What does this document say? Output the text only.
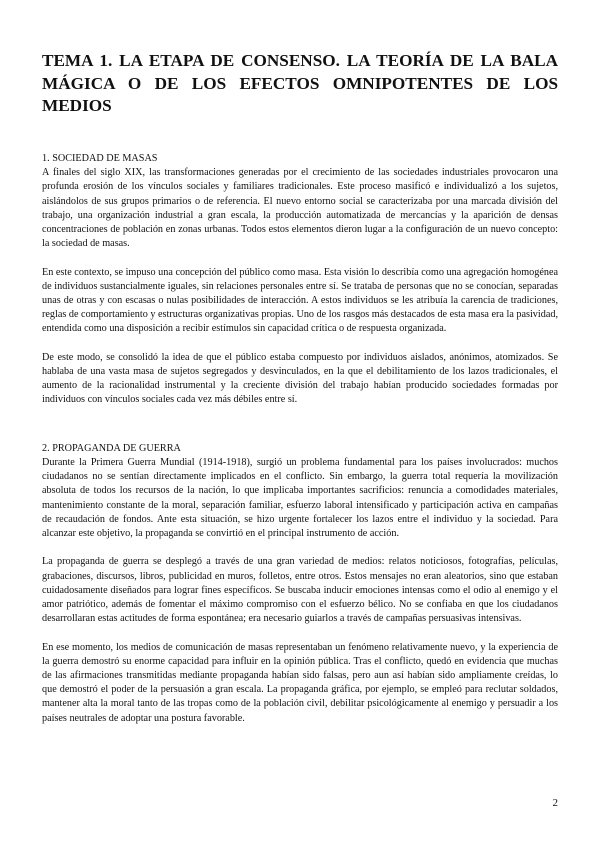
TEMA 1. LA ETAPA DE CONSENSO. LA TEORÍA DE LA BALA MÁGICA O DE LOS EFECTOS OMNIPOTENTES DE LOS MEDIOS

1. SOCIEDAD DE MASAS

A finales del siglo XIX, las transformaciones generadas por el crecimiento de las sociedades industriales provocaron una profunda erosión de los vínculos sociales y familiares tradicionales. Este proceso masificó e individualizó a los sujetos, aislándolos de sus grupos primarios o de referencia. El nuevo entorno social se caracterizaba por una marcada división del trabajo, una organización industrial a gran escala, la producción automatizada de mercancías y la aparición de densas concentraciones de población en zonas urbanas. Todos estos elementos dieron lugar a la configuración de un nuevo concepto: la sociedad de masas.

En este contexto, se impuso una concepción del público como masa. Esta visión lo describía como una agregación homogénea de individuos sustancialmente iguales, sin relaciones personales entre sí. Se trataba de personas que no se conocían, separadas unas de otras y con escasas o nulas posibilidades de interacción. A estos individuos se les atribuía la carencia de tradiciones, reglas de comportamiento y estructuras organizativas propias. Uno de los rasgos más destacados de esta masa era la pasividad, entendida como una disposición a recibir estímulos sin capacidad crítica o de respuesta organizada.

De este modo, se consolidó la idea de que el público estaba compuesto por individuos aislados, anónimos, atomizados. Se hablaba de una vasta masa de sujetos segregados y desvinculados, en la que el debilitamiento de los lazos tradicionales, el aumento de la racionalidad instrumental y la creciente división del trabajo habían producido sociedades formadas por individuos con vínculos sociales cada vez más débiles entre sí.

2. PROPAGANDA DE GUERRA

Durante la Primera Guerra Mundial (1914-1918), surgió un problema fundamental para los países involucrados: muchos ciudadanos no se sentían directamente implicados en el conflicto. Sin embargo, la guerra total requería la movilización absoluta de todos los recursos de la nación, lo que implicaba importantes sacrificios: renuncia a comodidades materiales, mantenimiento constante de la moral, separación familiar, esfuerzo laboral intensificado y participación activa en campañas de recaudación de fondos. Ante esta situación, se hizo urgente fortalecer los lazos entre el individuo y la sociedad. Para alcanzar este objetivo, la propaganda se convirtió en el principal instrumento de acción.

La propaganda de guerra se desplegó a través de una gran variedad de medios: relatos noticiosos, fotografías, películas, grabaciones, discursos, libros, publicidad en muros, folletos, entre otros. Estos mensajes no eran aleatorios, sino que estaban cuidadosamente diseñados para lograr fines específicos. Se buscaba inducir emociones intensas como el odio al enemigo y el amor patriótico, además de fomentar el máximo compromiso con el esfuerzo bélico. No se confiaba en que los ciudadanos desarrollaran estas actitudes de forma espontánea; era necesario guiarlos a través de campañas persuasivas intensivas.

En ese momento, los medios de comunicación de masas representaban un fenómeno relativamente nuevo, y la experiencia de la guerra demostró su enorme capacidad para influir en la opinión pública. Tras el conflicto, quedó en evidencia que muchas de las afirmaciones transmitidas mediante propaganda habían sido falsas, pero aun así habían sido ampliamente creídas, lo que demostró el poder de la persuasión a gran escala. La propaganda gráfica, por ejemplo, se empleó para reclutar soldados, mantener alta la moral tanto de las tropas como de la población civil, debilitar psicológicamente al enemigo y persuadir a los países neutrales de adoptar una postura favorable.

2
